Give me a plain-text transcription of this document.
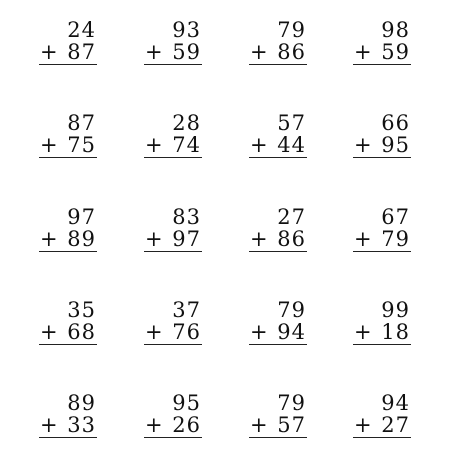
24
+ 87
93
+ 59
79
+ 86
98
+ 59
87
+ 75
28
+ 74
57
+ 44
66
+ 95
97
+ 89
83
+ 97
27
+ 86
67
+ 79
35
+ 68
37
+ 76
79
+ 94
99
+ 18
89
+ 33
95
+ 26
79
+ 57
94
+ 27
